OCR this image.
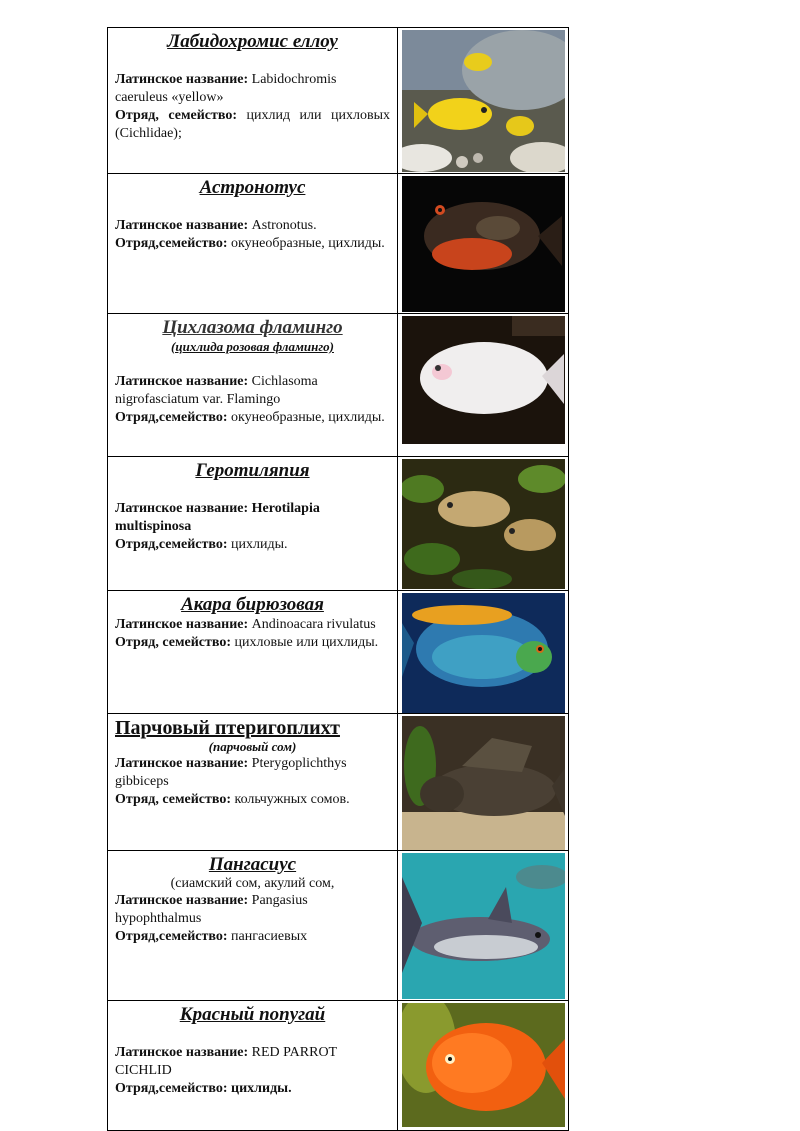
Лабидохромис еллоу

Латинское название: Labidochromis caeruleus «yellow»

Отряд, семейство: цихлид или цихловых (Cichlidae);

Астронотус

Латинское название: Astronotus.

Отряд,семейство: окунеобразные, цихлиды.

Цихлазома фламинго
(цихлида розовая фламинго)

Латинское название: Cichlasoma nigrofasciatum var. Flamingo

Отряд,семейство: окунеобразные, цихлиды.

Геротиляпия

Латинское название: Herotilapia multispinosa

Отряд,семейство: цихлиды.

Акара бирюзовая

Латинское название: Andinoacara rivulatus

Отряд, семейство: цихловые или цихлиды.

Парчовый птеригоплихт
(парчовый сом)

Латинское название: Pterygoplichthys gibbiceps

Отряд, семейство: кольчужных сомов.

Пангасиус
(сиамский сом, акулий сом,

Латинское название: Pangasius hypophthalmus

Отряд,семейство: пангасиевых

Красный попугай

Латинское название: RED PARROT CICHLID

Отряд,семейство: цихлиды.
